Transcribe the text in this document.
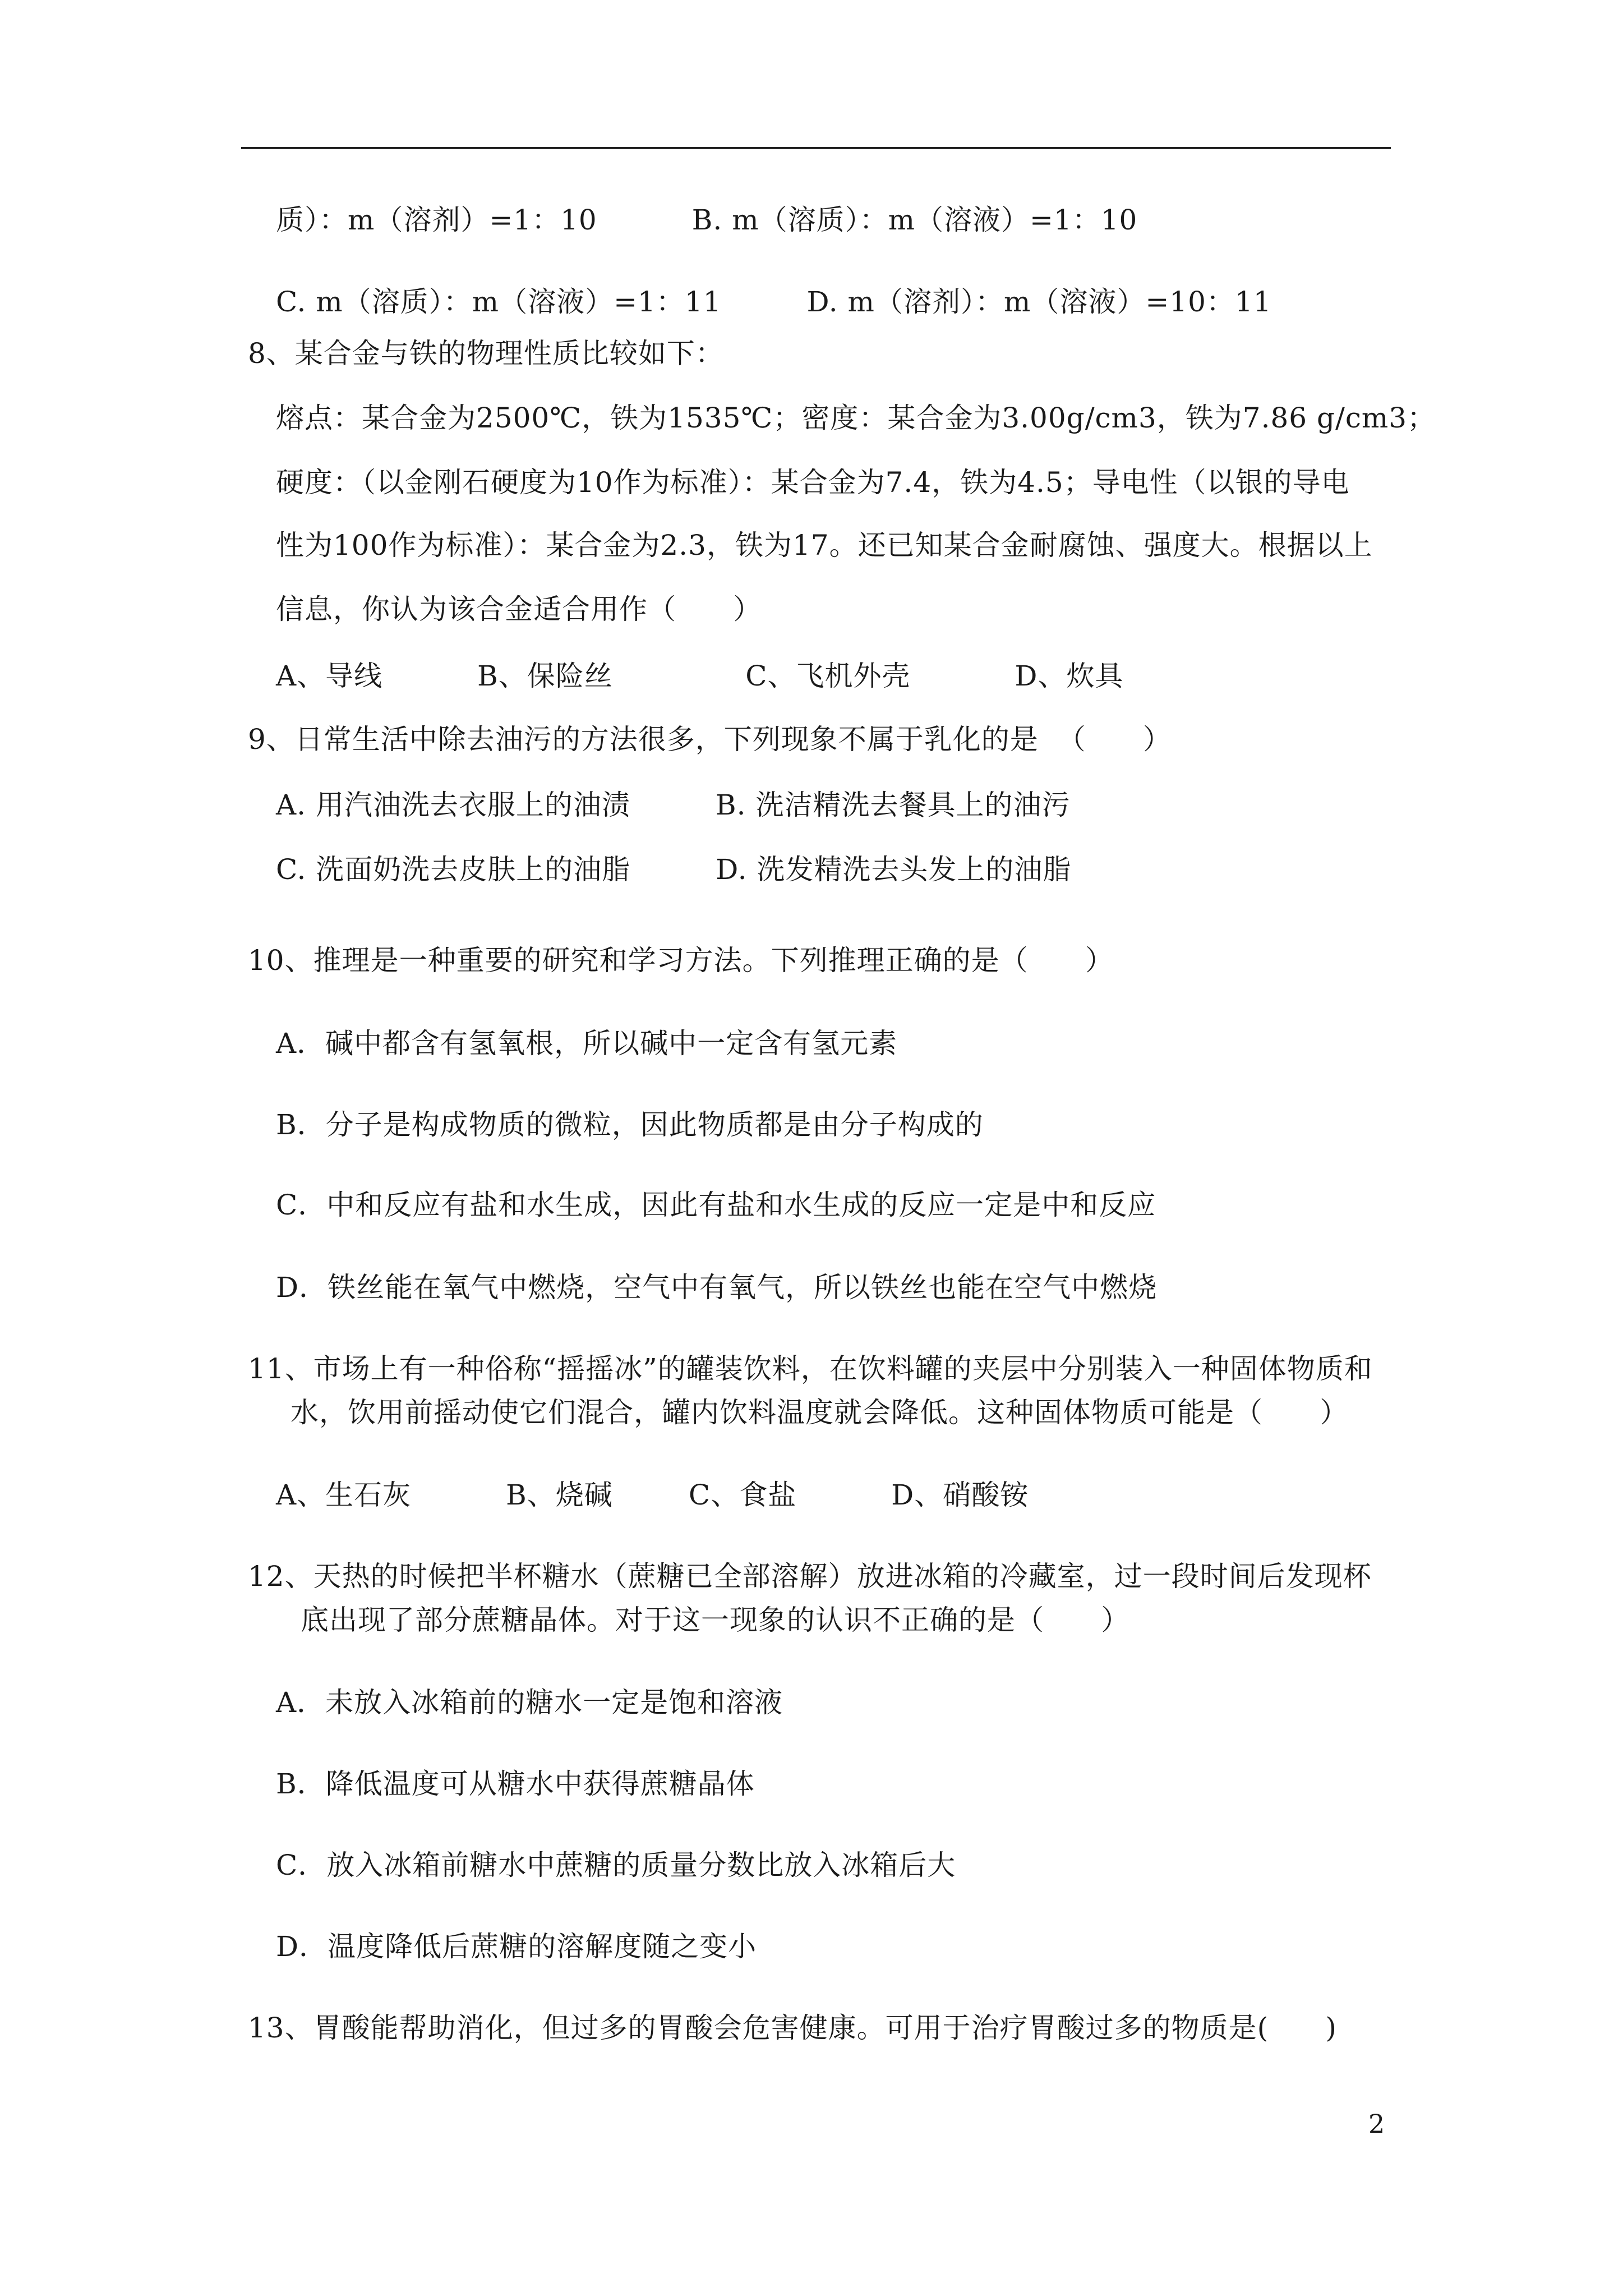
质）：m（溶剂）=1：10          B. m（溶质）：m（溶液）=1：10
C. m（溶质）：m（溶液）=1：11         D. m（溶剂）：m（溶液）=10：11
8、某合金与铁的物理性质比较如下：
熔点：某合金为2500℃，铁为1535℃；密度：某合金为3.00g/cm3，铁为7.86 g/cm3；
硬度：（以金刚石硬度为10作为标准）：某合金为7.4，铁为4.5；导电性（以银的导电
性为100作为标准）：某合金为2.3，铁为17。还已知某合金耐腐蚀、强度大。根据以上
信息，你认为该合金适合用作（      ）
A、导线          B、保险丝              C、飞机外壳           D、炊具
9、日常生活中除去油污的方法很多，下列现象不属于乳化的是  （      ）
A. 用汽油洗去衣服上的油渍         B. 洗洁精洗去餐具上的油污
C. 洗面奶洗去皮肤上的油脂         D. 洗发精洗去头发上的油脂
10、推理是一种重要的研究和学习方法。下列推理正确的是（      ）
A．碱中都含有氢氧根，所以碱中一定含有氢元素
B．分子是构成物质的微粒，因此物质都是由分子构成的
C．中和反应有盐和水生成，因此有盐和水生成的反应一定是中和反应
D．铁丝能在氧气中燃烧，空气中有氧气，所以铁丝也能在空气中燃烧
11、市场上有一种俗称“摇摇冰”的罐装饮料，在饮料罐的夹层中分别装入一种固体物质和
水，饮用前摇动使它们混合，罐内饮料温度就会降低。这种固体物质可能是（      ）
A、生石灰          B、烧碱        C、食盐          D、硝酸铵
12、天热的时候把半杯糖水（蔗糖已全部溶解）放进冰箱的冷藏室，过一段时间后发现杯
底出现了部分蔗糖晶体。对于这一现象的认识不正确的是（      ）
A．未放入冰箱前的糖水一定是饱和溶液
B．降低温度可从糖水中获得蔗糖晶体
C．放入冰箱前糖水中蔗糖的质量分数比放入冰箱后大
D．温度降低后蔗糖的溶解度随之变小
13、胃酸能帮助消化，但过多的胃酸会危害健康。可用于治疗胃酸过多的物质是(      )
2
